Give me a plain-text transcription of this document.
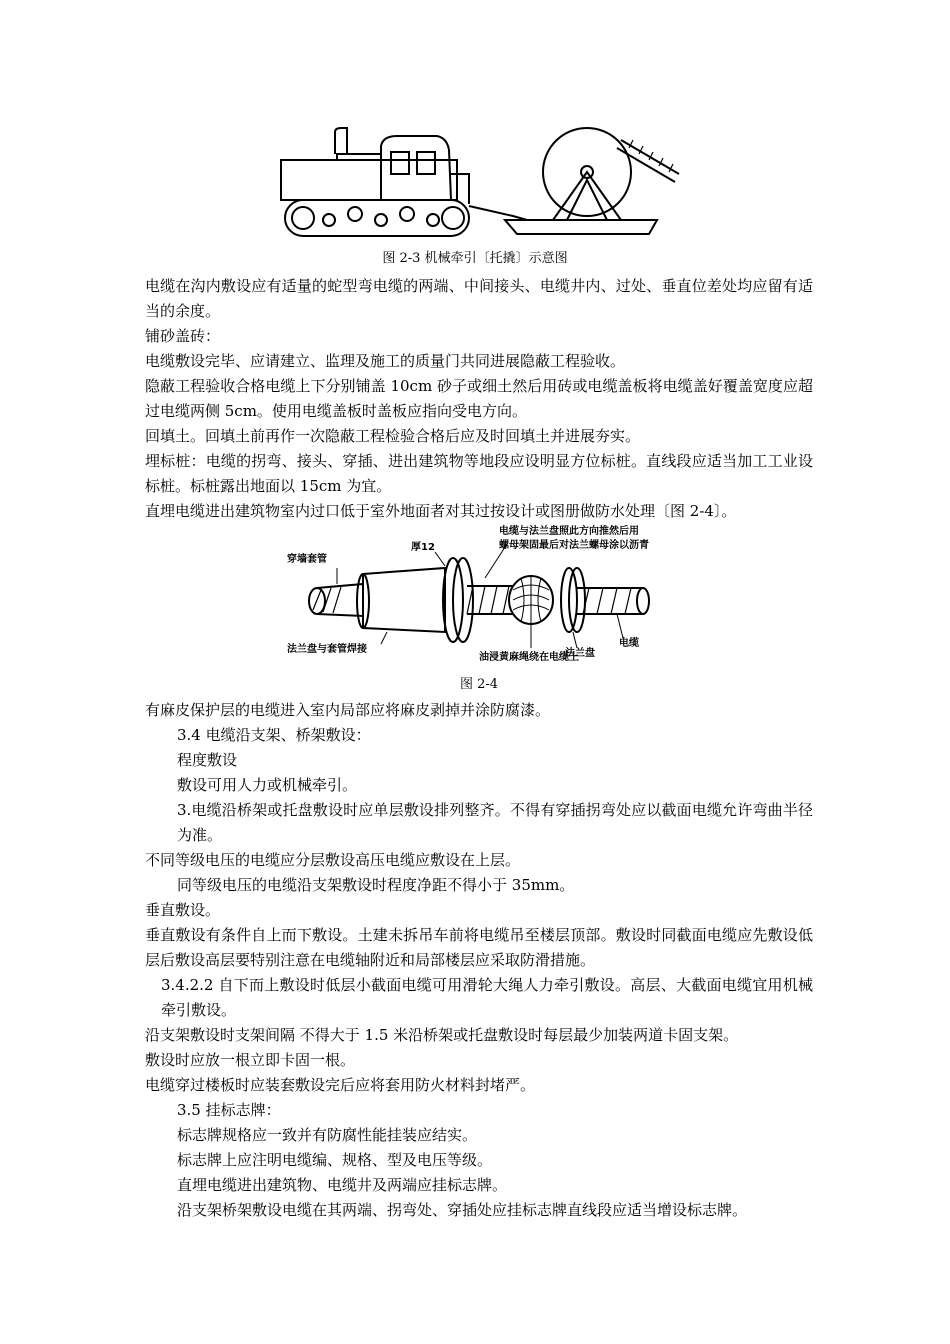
图 2-3 机械牵引〔托撬〕示意图

电缆在沟内敷设应有适量的蛇型弯电缆的两端、中间接头、电缆井内、过处、垂直位差处均应留有适当的余度。

铺砂盖砖：

电缆敷设完毕、应请建立、监理及施工的质量门共同进展隐蔽工程验收。

隐蔽工程验收合格电缆上下分别铺盖 10cm 砂子或细土然后用砖或电缆盖板将电缆盖好覆盖宽度应超过电缆两侧 5cm。使用电缆盖板时盖板应指向受电方向。

回填土。回填土前再作一次隐蔽工程检验合格后应及时回填土并进展夯实。

埋标桩：电缆的拐弯、接头、穿插、进出建筑物等地段应设明显方位标桩。直线段应适当加工工业设标桩。标桩露出地面以 15cm 为宜。

直埋电缆进出建筑物室内过口低于室外地面者对其过按设计或图册做防水处理〔图 2-4〕。

电缆与法兰盘照此方向推然后用
螺母架固最后对法兰螺母涂以沥青
穿墙套管
厚12
法兰盘与套管焊接
油浸黄麻绳绕在电缆上
法兰盘
电缆
图 2-4

有麻皮保护层的电缆进入室内局部应将麻皮剥掉并涂防腐漆。

3.4 电缆沿支架、桥架敷设：

程度敷设

敷设可用人力或机械牵引。

3.电缆沿桥架或托盘敷设时应单层敷设排列整齐。不得有穿插拐弯处应以截面电缆允许弯曲半径为准。

不同等级电压的电缆应分层敷设高压电缆应敷设在上层。

同等级电压的电缆沿支架敷设时程度净距不得小于 35mm。

垂直敷设。

垂直敷设有条件自上而下敷设。土建未拆吊车前将电缆吊至楼层顶部。敷设时同截面电缆应先敷设低层后敷设高层要特别注意在电缆轴附近和局部楼层应采取防滑措施。

3.4.2.2 自下而上敷设时低层小截面电缆可用滑轮大绳人力牵引敷设。高层、大截面电缆宜用机械牵引敷设。

沿支架敷设时支架间隔 不得大于 1.5 米沿桥架或托盘敷设时每层最少加装两道卡固支架。

敷设时应放一根立即卡固一根。

电缆穿过楼板时应装套敷设完后应将套用防火材料封堵严。

3.5 挂标志牌：

标志牌规格应一致并有防腐性能挂装应结实。

标志牌上应注明电缆编、规格、型及电压等级。

直埋电缆进出建筑物、电缆井及两端应挂标志牌。

沿支架桥架敷设电缆在其两端、拐弯处、穿插处应挂标志牌直线段应适当增设标志牌。
